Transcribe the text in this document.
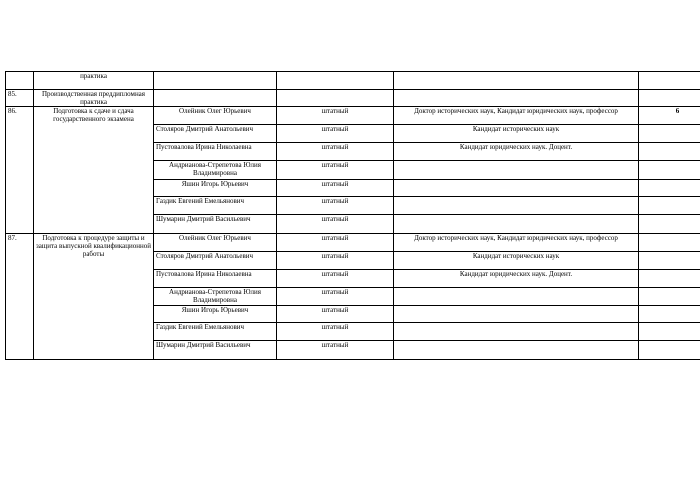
	практика				
85.	Производственная преддипломная практика				
86.	Подготовка к сдаче и сдача государственного экзамена	Олейник Олег Юрьевич	штатный	Доктор исторических наук, Кандидат юридических наук, профессор	6
		Столяров Дмитрий Анатольевич	штатный	Кандидат исторических наук	
		Пустовалова Ирина Николаевна	штатный	Кандидат юридических наук. Доцент.	

		Андрианова-Стрепетова Юлия Владимировна	штатный		

		Яшин Игорь Юрьевич	штатный		
		Газдик Евгений Емельянович	штатный		
		Шумарин Дмитрий Васильевич	штатный		
87.	Подготовка к процедуре защиты и защита выпускной квалификационной работы	Олейник Олег Юрьевич	штатный	Доктор исторических наук, Кандидат юридических наук, профессор	
		Столяров Дмитрий Анатольевич	штатный	Кандидат исторических наук	
		Пустовалова Ирина Николаевна	штатный	Кандидат юридических наук. Доцент.	

		Андрианова-Стрепетова Юлия Владимировна	штатный		

		Яшин Игорь Юрьевич	штатный		
		Газдик Евгений Емельянович	штатный		
		Шумарин Дмитрий Васильевич	штатный		
